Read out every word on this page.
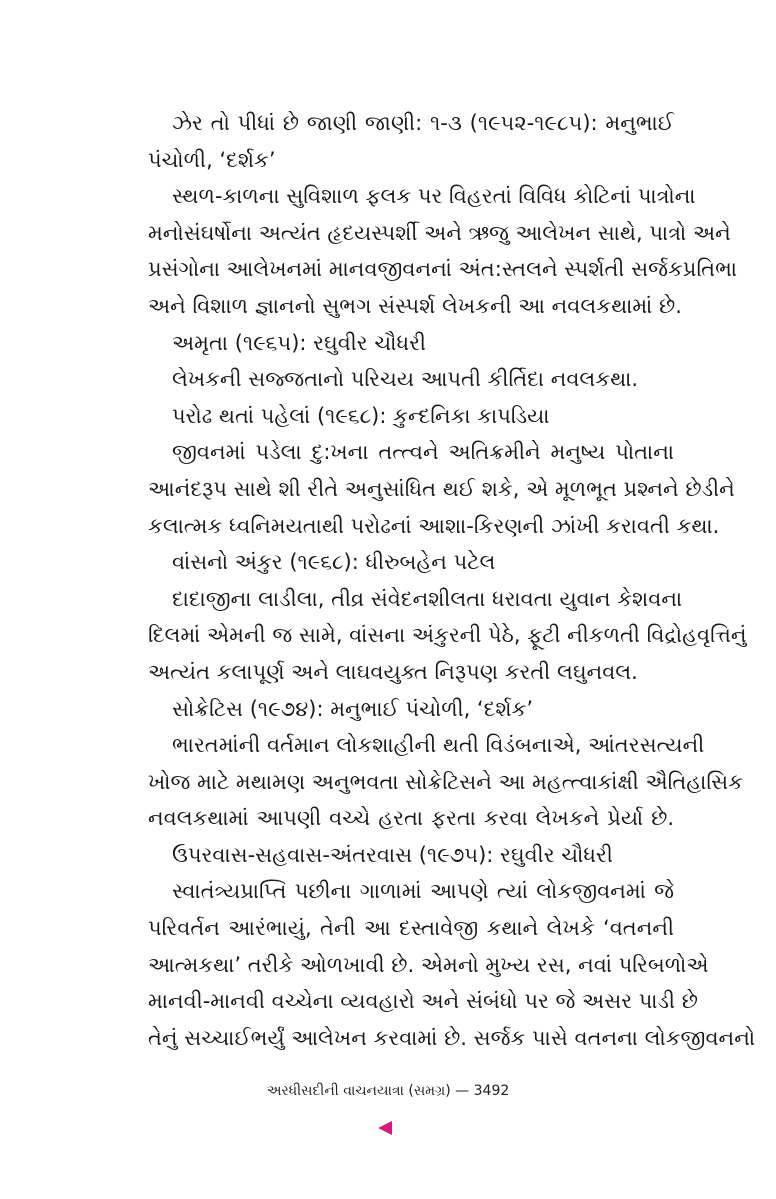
ઝેર તો પીધાં છે જાણી જાણી: ૧-૩ (૧૯૫૨-૧૯૮૫): મનુભાઈ
પંચોળી, ‘દર્શક’
સ્થળ-કાળના સુવિશાળ ફલક પર વિહરતાં વિવિધ કોટિનાં પાત્રોના
મનોસંઘર્ષોના અત્યંત હૃદયસ્પર્શી અને ઋજુ આલેખન સાથે, પાત્રો અને
પ્રસંગોના આલેખનમાં માનવજીવનનાં અંત:સ્તલને સ્પર્શતી સર્જકપ્રતિભા
અને વિશાળ જ્ઞાનનો સુભગ સંસ્પર્શ લેખકની આ નવલકથામાં છે.
અમૃતા (૧૯૬૫): રઘુવીર ચૌધરી
લેખકની સજ્જતાનો પરિચય આપતી કીર્તિદા નવલકથા.
પરોઢ થતાં પહેલાં (૧૯૬૮): કુન્દનિકા કાપડિયા
જીવનમાં પડેલા દુ:ખના તત્ત્વને અતિક્રમીને મનુષ્ય પોતાના
આનંદરૂપ સાથે શી રીતે અનુસાંધિત થઈ શકે, એ મૂળભૂત પ્રશ્નને છેડીને
કલાત્મક ધ્વનિમયતાથી પરોઢનાં આશા-કિરણની ઝાંખી કરાવતી કથા.
વાંસનો અંકુર (૧૯૬૮): ધીરુબહેન પટેલ
દાદાજીના લાડીલા, તીવ્ર સંવેદનશીલતા ધરાવતા યુવાન કેશવના
દિલમાં એમની જ સામે, વાંસના અંકુરની પેઠે, ફૂટી નીકળતી વિદ્રોહવૃત્તિનું
અત્યંત કલાપૂર્ણ અને લાઘવયુક્ત નિરૂપણ કરતી લઘુનવલ.
સોક્રેટિસ (૧૯૭૪): મનુભાઈ પંચોળી, ‘દર્શક’
ભારતમાંની વર્તમાન લોકશાહીની થતી વિડંબનાએ, આંતરસત્યની
ખોજ માટે મથામણ અનુભવતા સોક્રેટિસને આ મહત્ત્વાકાંક્ષી ઐતિહાસિક
નવલકથામાં આપણી વચ્ચે હરતા ફરતા કરવા લેખકને પ્રેર્યા છે.
ઉપરવાસ-સહવાસ-અંતરવાસ (૧૯૭૫): રઘુવીર ચૌધરી
સ્વાતંત્ર્યપ્રાપ્તિ પછીના ગાળામાં આપણે ત્યાં લોકજીવનમાં જે
પરિવર્તન આરંભાયું, તેની આ દસ્તાવેજી કથાને લેખકે ‘વતનની
આત્મકથા’ તરીકે ઓળખાવી છે. એમનો મુખ્ય રસ, નવાં પરિબળોએ
માનવી-માનવી વચ્ચેના વ્યવહારો અને સંબંધો પર જે અસર પાડી છે
તેનું સચ્ચાઈભર્યું આલેખન કરવામાં છે. સર્જક પાસે વતનના લોકજીવનનો
અરધીસદીની વાચનયાત્રા (સમગ્ર) — 3492
